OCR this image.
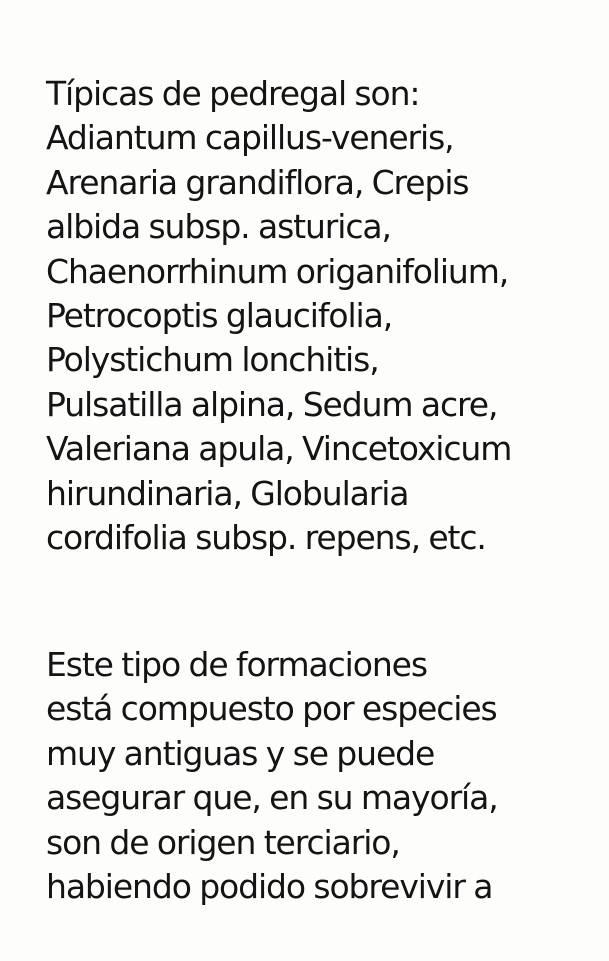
Típicas de pedregal son:
Adiantum capillus-veneris,
Arenaria grandiflora, Crepis
albida subsp. asturica,
Chaenorrhinum origanifolium,
Petrocoptis glaucifolia,
Polystichum lonchitis,
Pulsatilla alpina, Sedum acre,
Valeriana apula, Vincetoxicum
hirundinaria, Globularia
cordifolia subsp. repens, etc.

Este tipo de formaciones
está compuesto por especies
muy antiguas y se puede
asegurar que, en su mayoría,
son de origen terciario,
habiendo podido sobrevivir a
